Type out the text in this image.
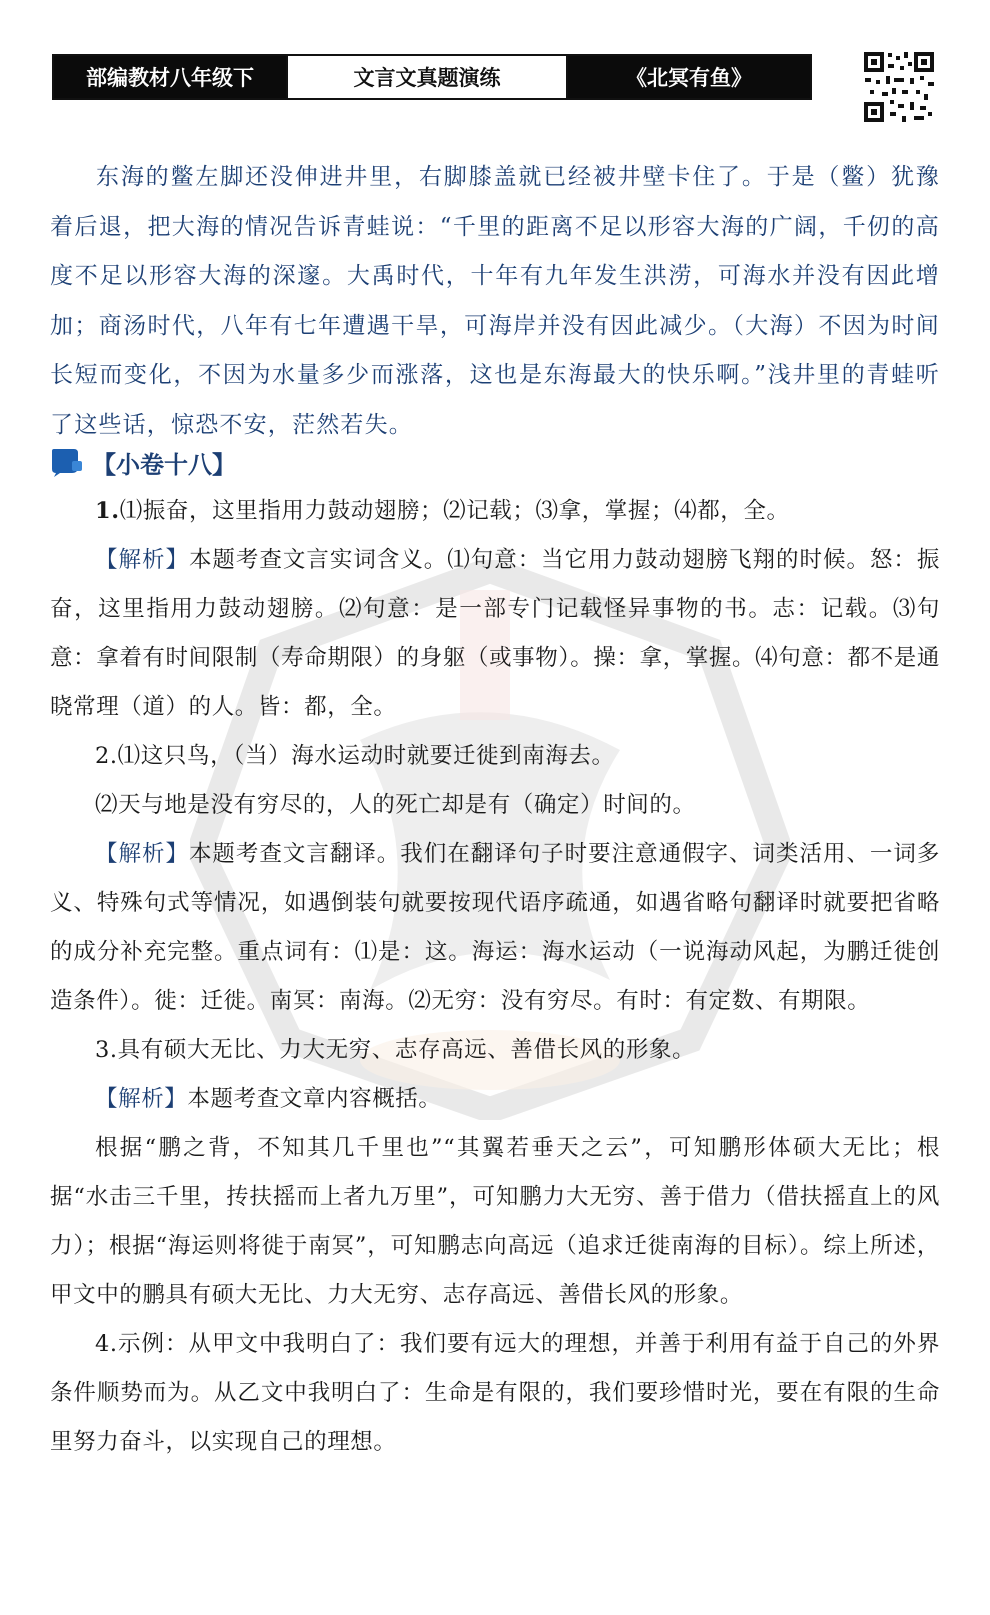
部编教材八年级下	文言文真题演练	《北冥有鱼》

东海的鳖左脚还没伸进井里，右脚膝盖就已经被井壁卡住了。于是（鳖）犹豫着后退，把大海的情况告诉青蛙说：“千里的距离不足以形容大海的广阔，千仞的高度不足以形容大海的深邃。大禹时代，十年有九年发生洪涝，可海水并没有因此增加；商汤时代，八年有七年遭遇干旱，可海岸并没有因此减少。（大海）不因为时间长短而变化，不因为水量多少而涨落，这也是东海最大的快乐啊。”浅井里的青蛙听了这些话，惊恐不安，茫然若失。

【小卷十八】

1.⑴振奋，这里指用力鼓动翅膀；⑵记载；⑶拿，掌握；⑷都，全。

【解析】本题考查文言实词含义。⑴句意：当它用力鼓动翅膀飞翔的时候。怒：振奋，这里指用力鼓动翅膀。⑵句意：是一部专门记载怪异事物的书。志：记载。⑶句意：拿着有时间限制（寿命期限）的身躯（或事物）。操：拿，掌握。⑷句意：都不是通晓常理（道）的人。皆：都，全。

2.⑴这只鸟，（当）海水运动时就要迁徙到南海去。

⑵天与地是没有穷尽的，人的死亡却是有（确定）时间的。

【解析】本题考查文言翻译。我们在翻译句子时要注意通假字、词类活用、一词多义、特殊句式等情况，如遇倒装句就要按现代语序疏通，如遇省略句翻译时就要把省略的成分补充完整。重点词有：⑴是：这。海运：海水运动（一说海动风起，为鹏迁徙创造条件）。徙：迁徙。南冥：南海。⑵无穷：没有穷尽。有时：有定数、有期限。

3.具有硕大无比、力大无穷、志存高远、善借长风的形象。

【解析】本题考查文章内容概括。

根据“鹏之背，不知其几千里也”“其翼若垂天之云”，可知鹏形体硕大无比；根据“水击三千里，抟扶摇而上者九万里”，可知鹏力大无穷、善于借力（借扶摇直上的风力）；根据“海运则将徙于南冥”，可知鹏志向高远（追求迁徙南海的目标）。综上所述，甲文中的鹏具有硕大无比、力大无穷、志存高远、善借长风的形象。

4.示例：从甲文中我明白了：我们要有远大的理想，并善于利用有益于自己的外界条件顺势而为。从乙文中我明白了：生命是有限的，我们要珍惜时光，要在有限的生命里努力奋斗，以实现自己的理想。
